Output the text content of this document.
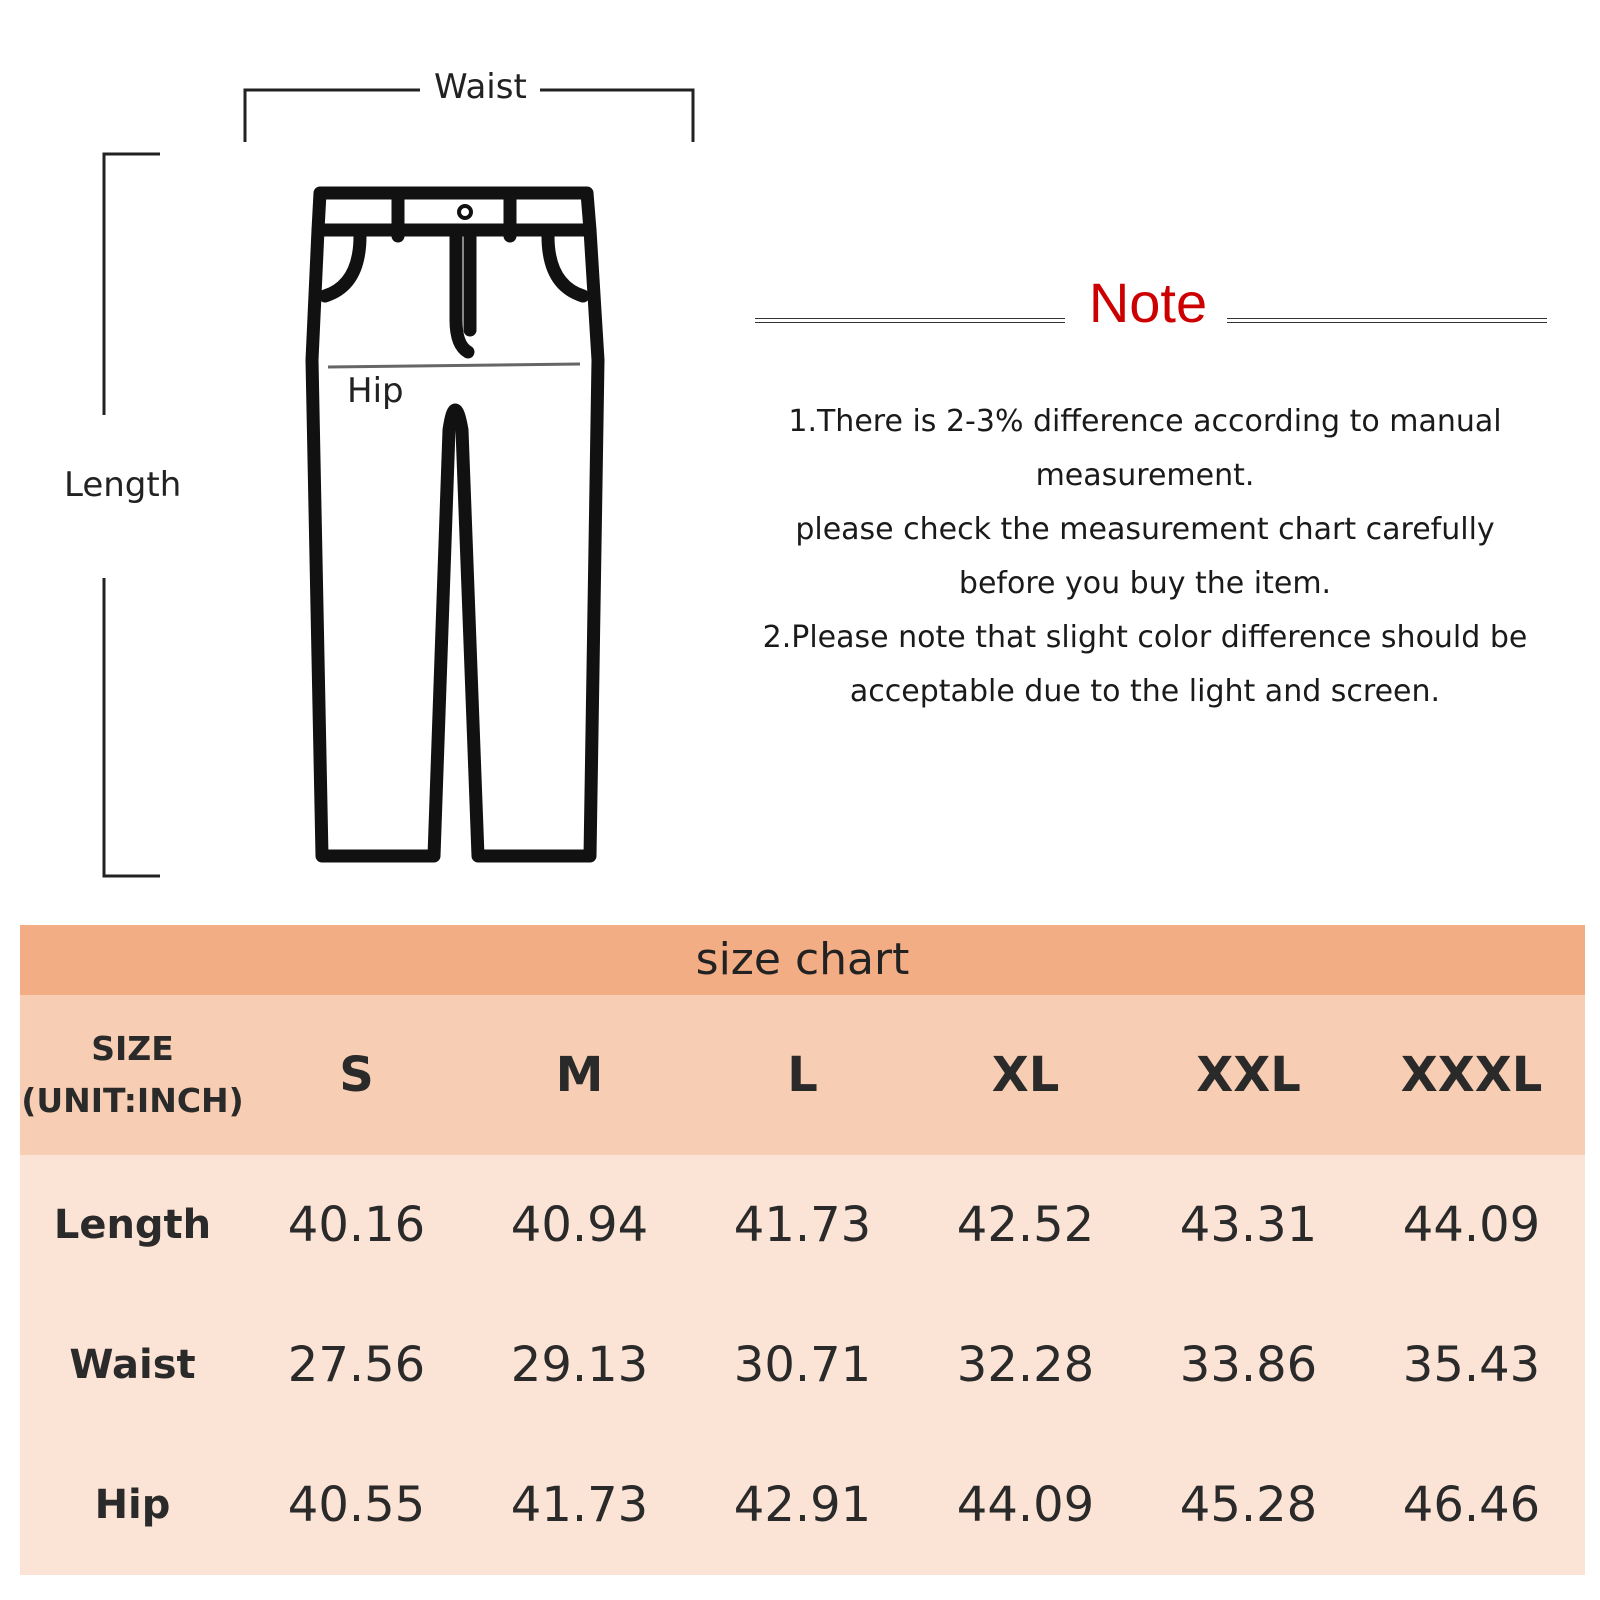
Waist
Length
Hip
Note
1.There is 2-3% difference according to manual
measurement.
please check the measurement chart carefully
before you buy the item.
2.Please note that slight color difference should be
acceptable due to the light and screen.
size chart
SIZE
(UNIT:INCH)	S	M	L	XL	XXL	XXXL
Length	40.16	40.94	41.73	42.52	43.31	44.09
Waist	27.56	29.13	30.71	32.28	33.86	35.43
Hip	40.55	41.73	42.91	44.09	45.28	46.46
